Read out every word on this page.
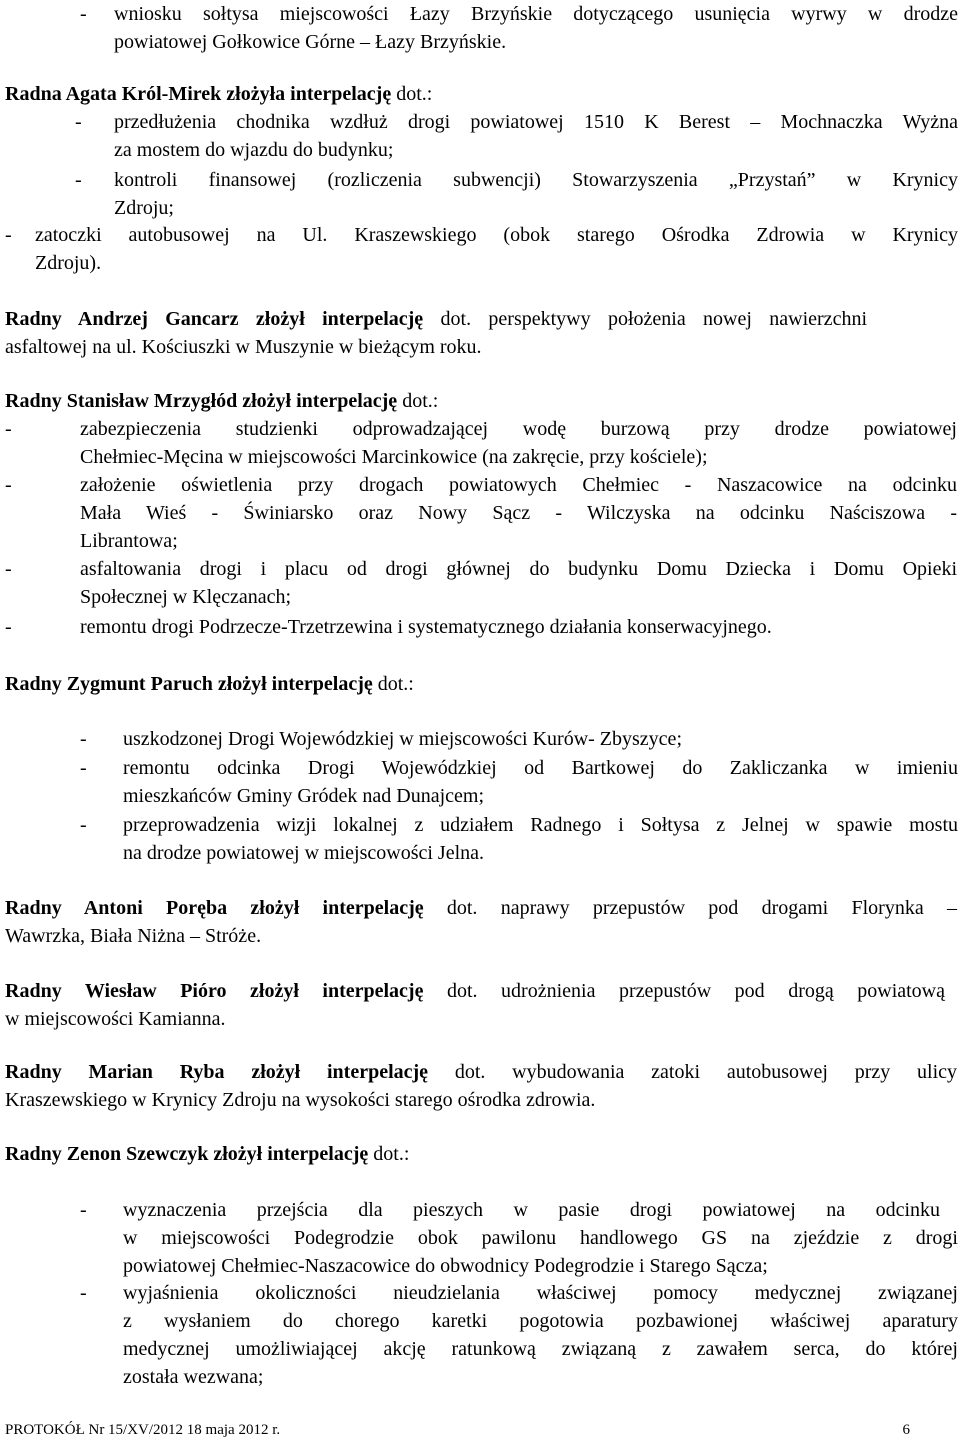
-	wniosku sołtysa miejscowości Łazy Brzyńskie dotyczącego usunięcia wyrwy w drodze
powiatowej Gołkowice Górne – Łazy Brzyńskie.
Radna Agata Król-Mirek złożyła interpelację dot.:
-	przedłużenia chodnika wzdłuż drogi powiatowej 1510 K Berest – Mochnaczka Wyżna
za mostem do wjazdu do budynku;
-	kontroli finansowej (rozliczenia subwencji) Stowarzyszenia „Przystań” w Krynicy
Zdroju;
-	zatoczki autobusowej na Ul. Kraszewskiego (obok starego Ośrodka Zdrowia w Krynicy
Zdroju).
Radny Andrzej Gancarz złożył interpelację dot. perspektywy położenia nowej nawierzchni
asfaltowej na ul. Kościuszki w Muszynie w bieżącym roku.
Radny Stanisław Mrzygłód złożył interpelację dot.:
-	zabezpieczenia studzienki odprowadzającej wodę burzową przy drodze powiatowej
Chełmiec-Męcina w miejscowości Marcinkowice (na zakręcie, przy kościele);
-	założenie oświetlenia przy drogach powiatowych Chełmiec - Naszacowice na odcinku
Mała Wieś - Świniarsko oraz Nowy Sącz - Wilczyska na odcinku Naściszowa -
Librantowa;
-	asfaltowania drogi i placu od drogi głównej do budynku Domu Dziecka i Domu Opieki
Społecznej w Klęczanach;
-	remontu drogi Podrzecze-Trzetrzewina i systematycznego działania konserwacyjnego.
Radny Zygmunt Paruch złożył interpelację dot.:
-	uszkodzonej Drogi Wojewódzkiej w miejscowości Kurów- Zbyszyce;
-	remontu odcinka Drogi Wojewódzkiej od Bartkowej do Zakliczanka w imieniu
mieszkańców Gminy Gródek nad Dunajcem;
-	przeprowadzenia wizji lokalnej z udziałem Radnego i Sołtysa z Jelnej w spawie mostu
na drodze powiatowej w miejscowości Jelna.
Radny Antoni Poręba złożył interpelację dot. naprawy przepustów pod drogami Florynka –
Wawrzka, Biała Niżna – Stróże.
Radny Wiesław Pióro złożył interpelację dot. udrożnienia przepustów pod drogą powiatową
w miejscowości Kamianna.
Radny Marian Ryba złożył interpelację dot. wybudowania zatoki autobusowej przy ulicy
Kraszewskiego w Krynicy Zdroju na wysokości starego ośrodka zdrowia.
Radny Zenon Szewczyk złożył interpelację dot.:
-	wyznaczenia przejścia dla pieszych w pasie drogi powiatowej na odcinku
w miejscowości Podegrodzie obok pawilonu handlowego GS na zjeździe z drogi
powiatowej Chełmiec-Naszacowice do obwodnicy Podegrodzie i Starego Sącza;
-	wyjaśnienia okoliczności nieudzielania właściwej pomocy medycznej związanej
z wysłaniem do chorego karetki pogotowia pozbawionej właściwej aparatury
medycznej umożliwiającej akcję ratunkową związaną z zawałem serca, do której
została wezwana;
PROTOKÓŁ Nr 15/XV/2012 18 maja 2012 r.	6
